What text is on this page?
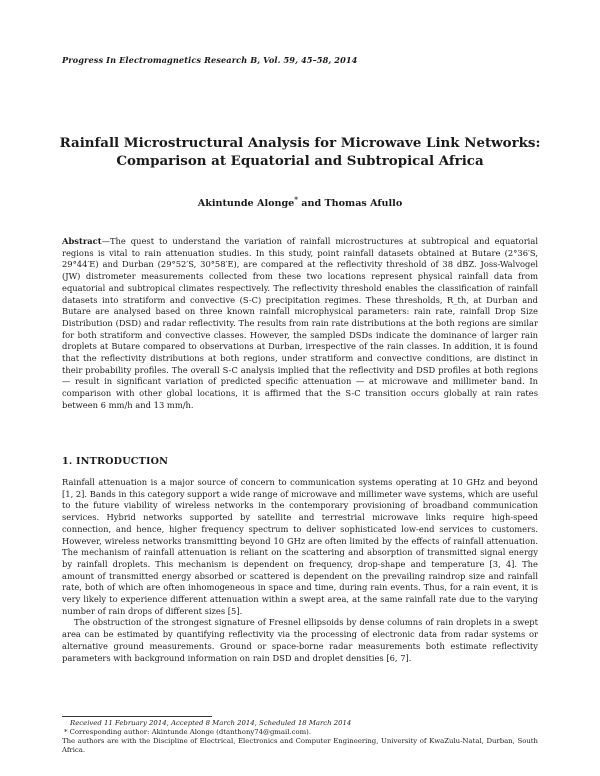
Progress In Electromagnetics Research B, Vol. 59, 45–58, 2014
Rainfall Microstructural Analysis for Microwave Link Networks:
Comparison at Equatorial and Subtropical Africa
Akintunde Alonge* and Thomas Afullo

Abstract—The quest to understand the variation of rainfall microstructures at subtropical and equatorial regions is vital to rain attenuation studies. In this study, point rainfall datasets obtained at Butare (2°36′S, 29°44′E) and Durban (29°52′S, 30°58′E), are compared at the reflectivity threshold of 38 dBZ. Joss-Walvogel (JW) distrometer measurements collected from these two locations represent physical rainfall data from equatorial and subtropical climates respectively. The reflectivity threshold enables the classification of rainfall datasets into stratiform and convective (S-C) precipitation regimes. These thresholds, R_th, at Durban and Butare are analysed based on three known rainfall microphysical parameters: rain rate, rainfall Drop Size Distribution (DSD) and radar reflectivity. The results from rain rate distributions at the both regions are similar for both stratiform and convective classes. However, the sampled DSDs indicate the dominance of larger rain droplets at Butare compared to observations at Durban, irrespective of the rain classes. In addition, it is found that the reflectivity distributions at both regions, under stratiform and convective conditions, are distinct in their probability profiles. The overall S-C analysis implied that the reflectivity and DSD profiles at both regions — result in significant variation of predicted specific attenuation — at microwave and millimeter band. In comparison with other global locations, it is affirmed that the S-C transition occurs globally at rain rates between 6 mm/h and 13 mm/h.

1. INTRODUCTION

Rainfall attenuation is a major source of concern to communication systems operating at 10 GHz and beyond [1, 2]. Bands in this category support a wide range of microwave and millimeter wave systems, which are useful to the future viability of wireless networks in the contemporary provisioning of broadband communication services. Hybrid networks supported by satellite and terrestrial microwave links require high-speed connection, and hence, higher frequency spectrum to deliver sophisticated low-end services to customers. However, wireless networks transmitting beyond 10 GHz are often limited by the effects of rainfall attenuation. The mechanism of rainfall attenuation is reliant on the scattering and absorption of transmitted signal energy by rainfall droplets. This mechanism is dependent on frequency, drop-shape and temperature [3, 4]. The amount of transmitted energy absorbed or scattered is dependent on the prevailing raindrop size and rainfall rate, both of which are often inhomogeneous in space and time, during rain events. Thus, for a rain event, it is very likely to experience different attenuation within a swept area, at the same rainfall rate due to the varying number of rain drops of different sizes [5].

The obstruction of the strongest signature of Fresnel ellipsoids by dense columns of rain droplets in a swept area can be estimated by quantifying reflectivity via the processing of electronic data from radar systems or alternative ground measurements. Ground or space-borne radar measurements both estimate reflectivity parameters with background information on rain DSD and droplet densities [6, 7].

Received 11 February 2014, Accepted 8 March 2014, Scheduled 18 March 2014
* Corresponding author: Akintunde Alonge (dtanthony74@gmail.com).
The authors are with the Discipline of Electrical, Electronics and Computer Engineering, University of KwaZulu-Natal, Durban, South Africa.
